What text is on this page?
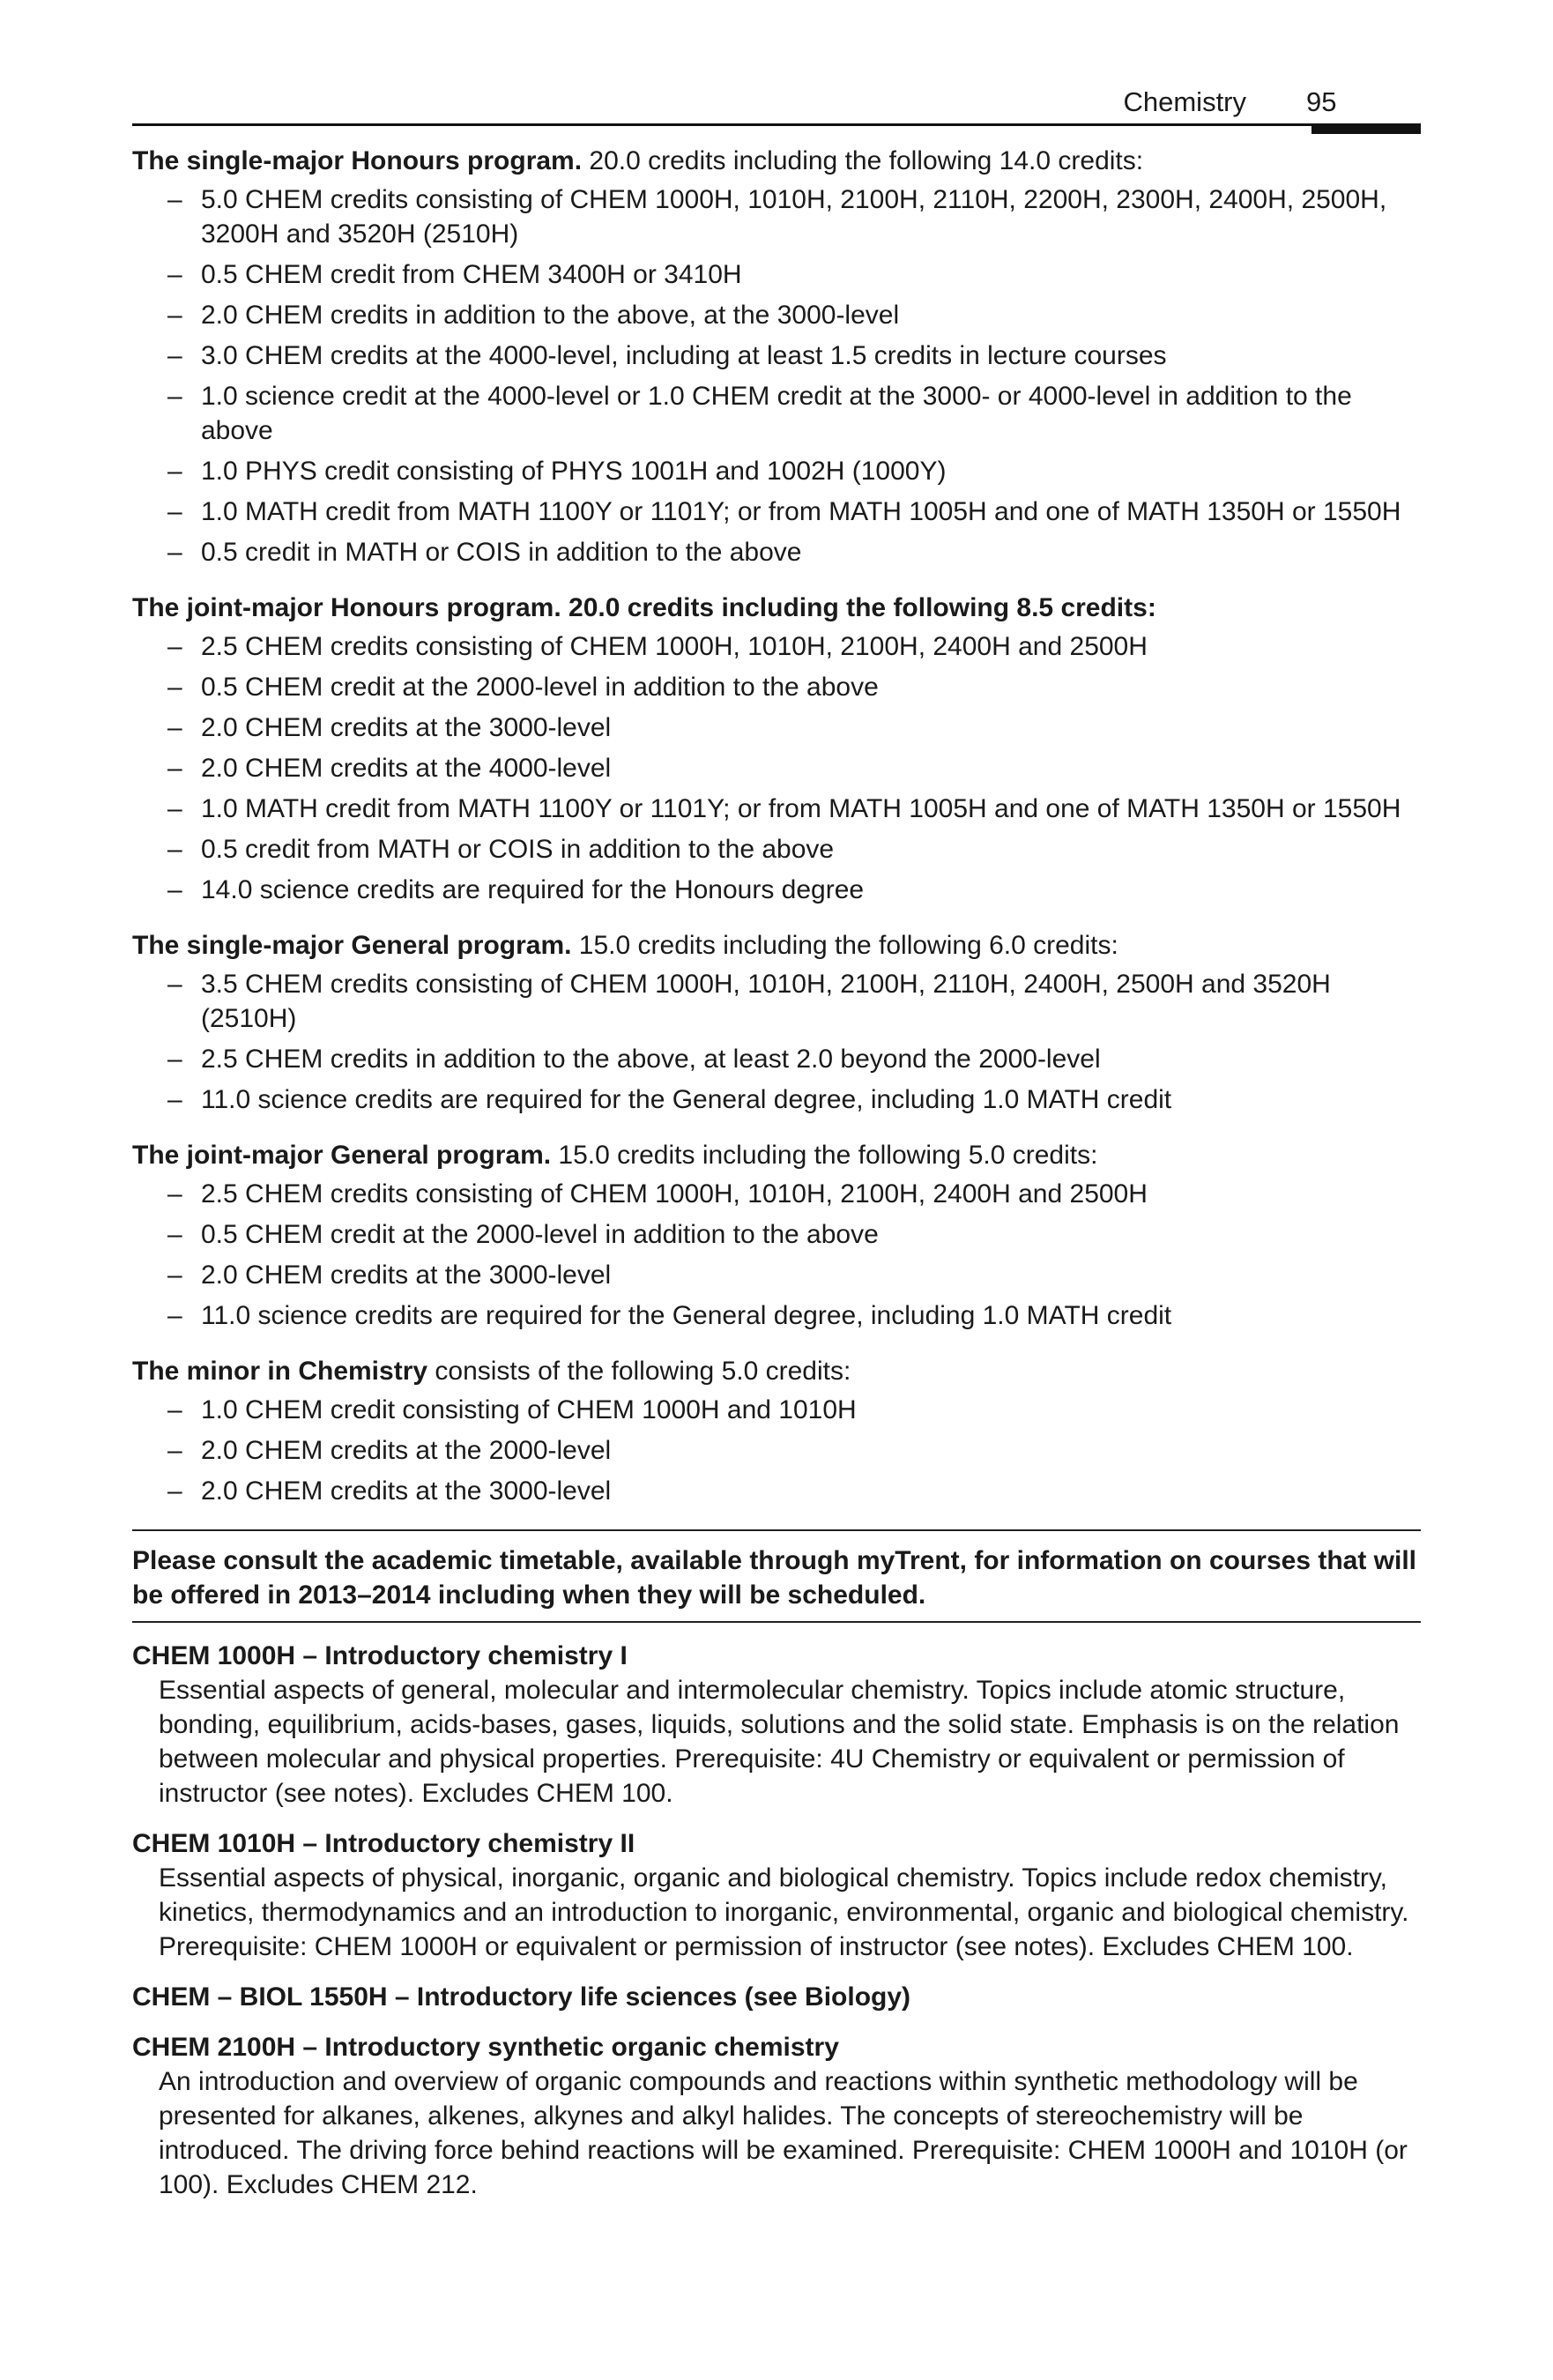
Chemistry 95

The single-major Honours program. 20.0 credits including the following 14.0 credits:

– 5.0 CHEM credits consisting of CHEM 1000H, 1010H, 2100H, 2110H, 2200H, 2300H, 2400H, 2500H, 3200H and 3520H (2510H)
– 0.5 CHEM credit from CHEM 3400H or 3410H
– 2.0 CHEM credits in addition to the above, at the 3000-level
– 3.0 CHEM credits at the 4000-level, including at least 1.5 credits in lecture courses
– 1.0 science credit at the 4000-level or 1.0 CHEM credit at the 3000- or 4000-level in addition to the above
– 1.0 PHYS credit consisting of PHYS 1001H and 1002H (1000Y)
– 1.0 MATH credit from MATH 1100Y or 1101Y; or from MATH 1005H and one of MATH 1350H or 1550H
– 0.5 credit in MATH or COIS in addition to the above

The joint-major Honours program. 20.0 credits including the following 8.5 credits:

– 2.5 CHEM credits consisting of CHEM 1000H, 1010H, 2100H, 2400H and 2500H
– 0.5 CHEM credit at the 2000-level in addition to the above
– 2.0 CHEM credits at the 3000-level
– 2.0 CHEM credits at the 4000-level
– 1.0 MATH credit from MATH 1100Y or 1101Y; or from MATH 1005H and one of MATH 1350H or 1550H
– 0.5 credit from MATH or COIS in addition to the above
– 14.0 science credits are required for the Honours degree

The single-major General program. 15.0 credits including the following 6.0 credits:

– 3.5 CHEM credits consisting of CHEM 1000H, 1010H, 2100H, 2110H, 2400H, 2500H and 3520H (2510H)
– 2.5 CHEM credits in addition to the above, at least 2.0 beyond the 2000-level
– 11.0 science credits are required for the General degree, including 1.0 MATH credit

The joint-major General program. 15.0 credits including the following 5.0 credits:

– 2.5 CHEM credits consisting of CHEM 1000H, 1010H, 2100H, 2400H and 2500H
– 0.5 CHEM credit at the 2000-level in addition to the above
– 2.0 CHEM credits at the 3000-level
– 11.0 science credits are required for the General degree, including 1.0 MATH credit

The minor in Chemistry consists of the following 5.0 credits:

– 1.0 CHEM credit consisting of CHEM 1000H and 1010H
– 2.0 CHEM credits at the 2000-level
– 2.0 CHEM credits at the 3000-level
Please consult the academic timetable, available through myTrent, for information on courses that will be offered in 2013–2014 including when they will be scheduled.

CHEM 1000H – Introductory chemistry I

Essential aspects of general, molecular and intermolecular chemistry. Topics include atomic structure, bonding, equilibrium, acids-bases, gases, liquids, solutions and the solid state. Emphasis is on the relation between molecular and physical properties. Prerequisite: 4U Chemistry or equivalent or permission of instructor (see notes). Excludes CHEM 100.

CHEM 1010H – Introductory chemistry II

Essential aspects of physical, inorganic, organic and biological chemistry. Topics include redox chemistry, kinetics, thermodynamics and an introduction to inorganic, environmental, organic and biological chemistry. Prerequisite: CHEM 1000H or equivalent or permission of instructor (see notes). Excludes CHEM 100.

CHEM – BIOL 1550H – Introductory life sciences (see Biology)

CHEM 2100H – Introductory synthetic organic chemistry

An introduction and overview of organic compounds and reactions within synthetic methodology will be presented for alkanes, alkenes, alkynes and alkyl halides. The concepts of stereochemistry will be introduced. The driving force behind reactions will be examined. Prerequisite: CHEM 1000H and 1010H (or 100). Excludes CHEM 212.
